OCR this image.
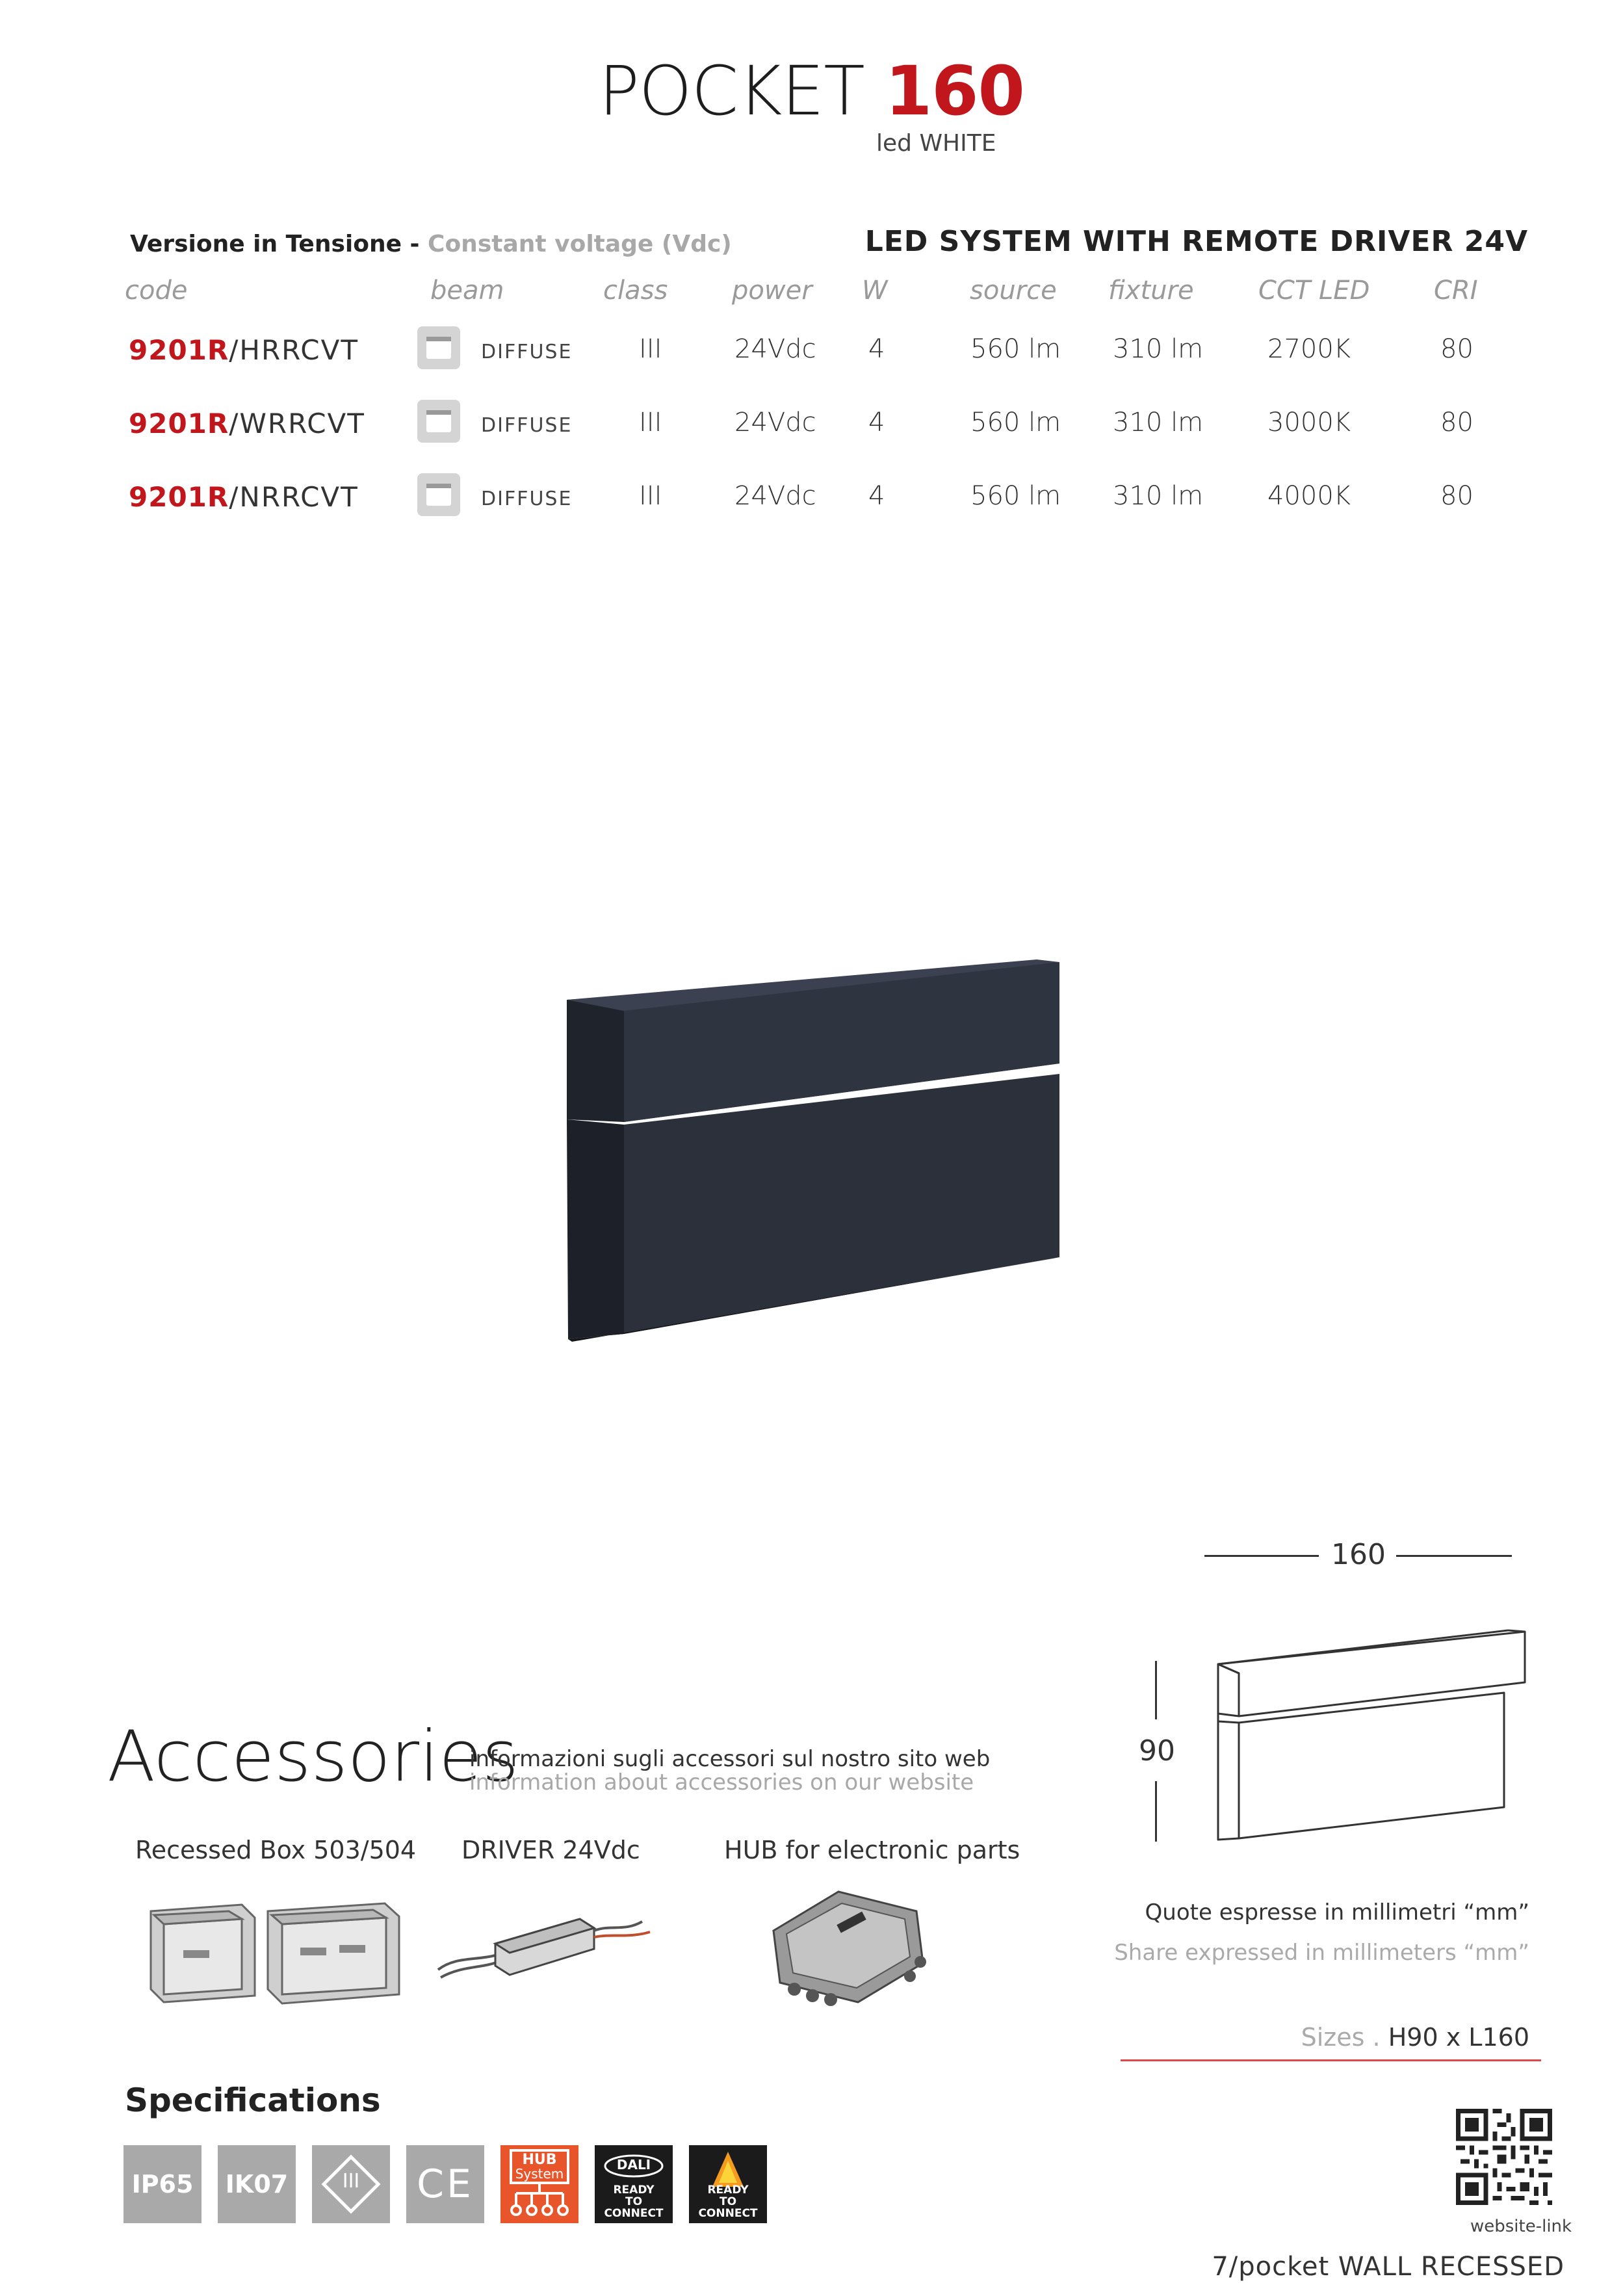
POCKET 160
led WHITE
Versione in Tensione - Constant voltage (Vdc)	LED SYSTEM WITH REMOTE DRIVER 24V
code	beam	class power W	source fixture CCT LED CRI
9201R/HRRCVT	DIFFUSE	III	24Vdc 4	560 lm 310 lm 2700K	80
9201R/WRRCVT	DIFFUSE	III	24Vdc 4	560 lm 310 lm 3000K	80
9201R/NRRCVT	DIFFUSE	III	24Vdc 4	560 lm 310 lm 4000K	80
160
90
Quote espresse in millimetri “mm”
Share expressed in millimeters “mm”
Sizes . H90 x L160
Accessories
informazioni sugli accessori sul nostro sito web
information about accessories on our website
Recessed Box 503/504 DRIVER 24Vdc	HUB for electronic parts
Specifications
IP65	IK07	III	CE
HUB
System
DALI
READY
TO CONNECT
READY
TO CONNECT
website-link
7/pocket WALL RECESSED
